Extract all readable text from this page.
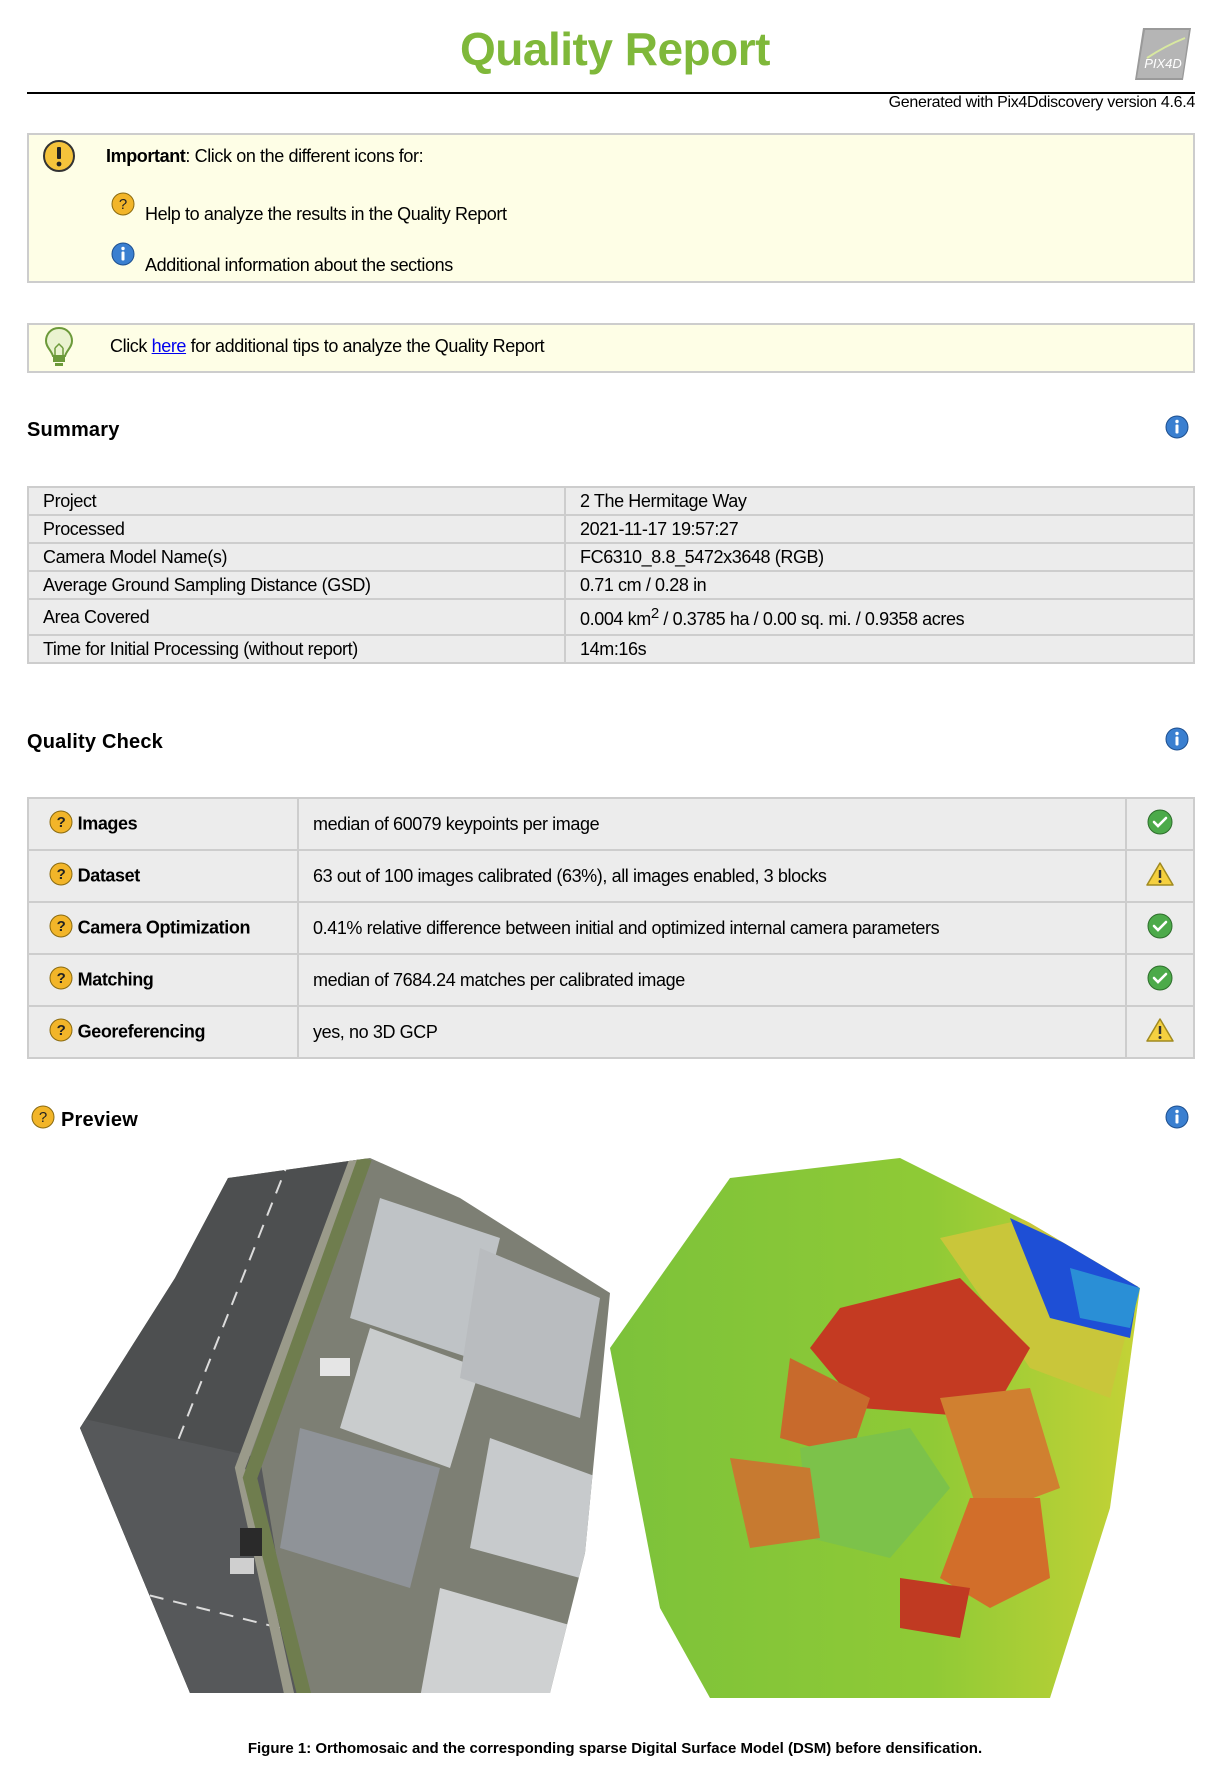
Quality Report	PIX4D
Generated with Pix4Ddiscovery version 4.6.4
Important: Click on the different icons for:
? Help to analyze the results in the Quality Report
Additional information about the sections
Click here for additional tips to analyze the Quality Report
Summary
Project	2 The Hermitage Way
Processed	2021-11-17 19:57:27
Camera Model Name(s)	FC6310_8.8_5472x3648 (RGB)
Average Ground Sampling Distance (GSD)	0.71 cm / 0.28 in
Area Covered	0.004 $km^2 / 0.3785$ ha / 0.00 sq. mi. / 0.9358 acres
Time for Initial Processing (without report)	14m:16s
Quality Check
? Images	median of 60079 keypoints per image	

? Dataset	63 out of 100 images calibrated (63%), all images enabled, 3 blocks	

? Camera Optimization	0.41% relative difference between initial and optimized internal camera parameters	

? Matching	median of 7684.24 matches per calibrated image	

? Georeferencing	yes, no 3D GCP	
? Preview
Figure 1: Orthomosaic and the corresponding sparse Digital Surface Model (DSM) before densification.
